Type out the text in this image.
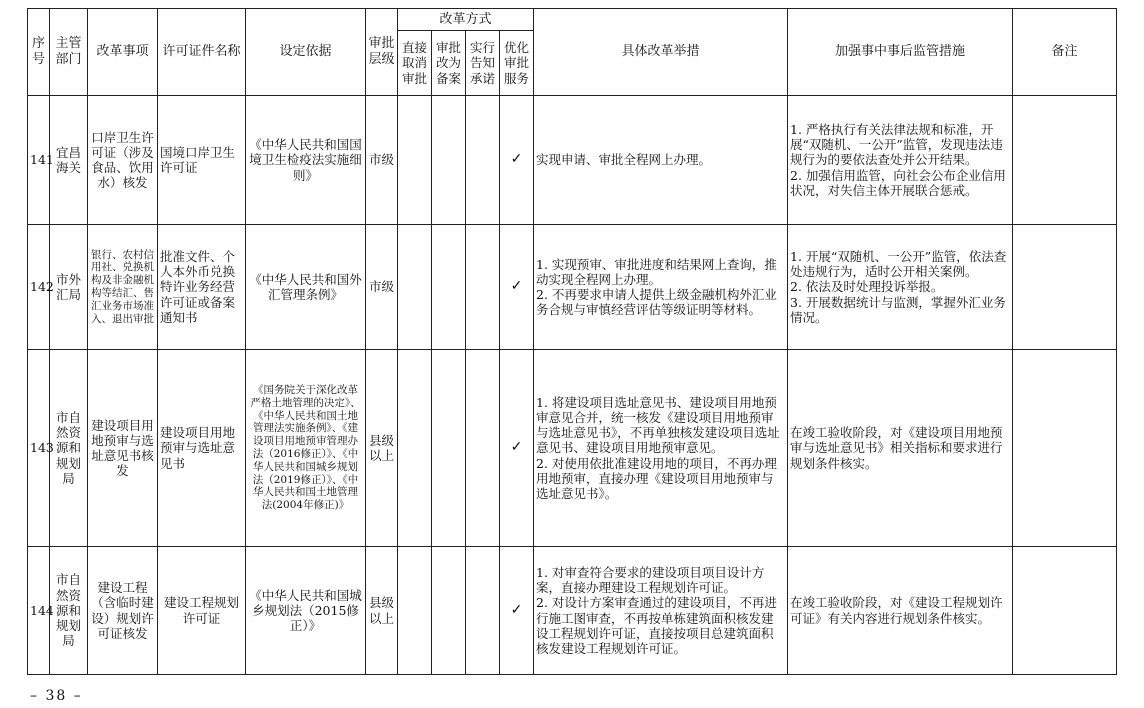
序号	主管部门	改革事项	许可证件名称	设定依据	审批层级	改革方式				具体改革举措	加强事中事后监管措施	备注
						直接取消审批	审批改为备案	实行告知承诺	优化审批服务			
141	宜昌海关	口岸卫生许可证（涉及食品、饮用水）核发	国境口岸卫生许可证	《中华人民共和国国境卫生检疫法实施细则》	市级				✓	实现申请、审批全程网上办理。	1. 严格执行有关法律法规和标准，开展“双随机、一公开”监管，发现违法违规行为的要依法查处并公开结果。
2. 加强信用监管，向社会公布企业信用状况，对失信主体开展联合惩戒。	
142	市外汇局	银行、农村信用社、兑换机构及非金融机构等结汇、售汇业务市场准入、退出审批	批准文件、个人本外币兑换特许业务经营许可证或备案通知书	《中华人民共和国外汇管理条例》	市级				✓	1. 实现预审、审批进度和结果网上查询，推动实现全程网上办理。
2. 不再要求申请人提供上级金融机构外汇业务合规与审慎经营评估等级证明等材料。	1. 开展“双随机、一公开”监管，依法查处违规行为，适时公开相关案例。
2. 依法及时处理投诉举报。
3. 开展数据统计与监测，掌握外汇业务情况。	
143	市自然资源和规划局	建设项目用地预审与选址意见书核发	建设项目用地预审与选址意见书	《国务院关于深化改革严格土地管理的决定》、《中华人民共和国土地管理法实施条例》、《建设项目用地预审管理办法（2016修正）》、《中华人民共和国城乡规划法（2019修正）》、《中华人民共和国土地管理法(2004年修正)》	县级以上				✓	1. 将建设项目选址意见书、建设项目用地预审意见合并，统一核发《建设项目用地预审与选址意见书》，不再单独核发建设项目选址意见书、建设项目用地预审意见。
2. 对使用依批准建设用地的项目，不再办理用地预审，直接办理《建设项目用地预审与选址意见书》。	在竣工验收阶段，对《建设项目用地预审与选址意见书》相关指标和要求进行规划条件核实。	
144	市自然资源和规划局	建设工程（含临时建设）规划许可证核发	建设工程规划许可证	《中华人民共和国城乡规划法（2015修正）》	县级以上				✓	1. 对审查符合要求的建设项目项目设计方案，直接办理建设工程规划许可证。
2. 对设计方案审查通过的建设项目，不再进行施工图审查，不再按单栋建筑面积核发建设工程规划许可证，直接按项目总建筑面积核发建设工程规划许可证。	在竣工验收阶段，对《建设工程规划许可证》有关内容进行规划条件核实。	
– 38 –
